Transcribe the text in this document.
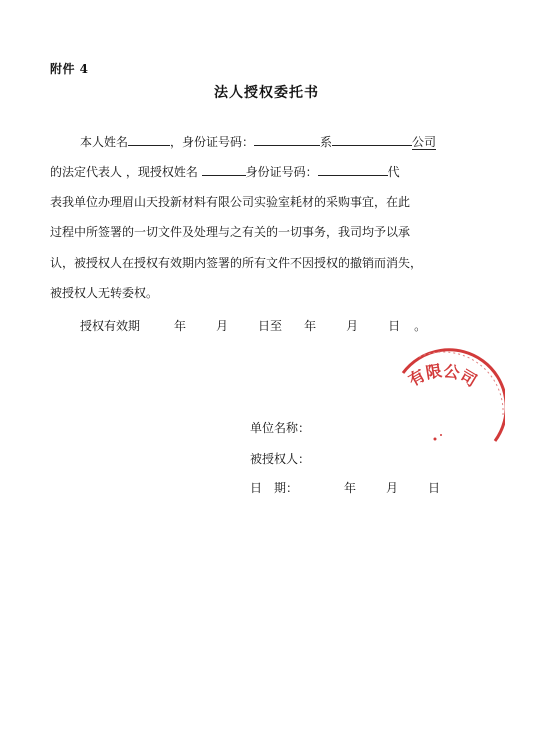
附件 4
法人授权委托书
本人姓名	，身份证号码：	系	公司
的法定代表人 ，现授权姓名	身份证号码：	代
表我单位办理眉山天投新材料有限公司实验室耗材的采购事宜，在此
过程中所签署的一切文件及处理与之有关的一切事务，我司均予以承
认，被授权人在授权有效期内签署的所有文件不因授权的撤销而消失，
被授权人无转委权。
授权有效期	年	月	日至 年	月	日 。
有限公司
单位名称：
被授权人：
日　期：	年	月	日
